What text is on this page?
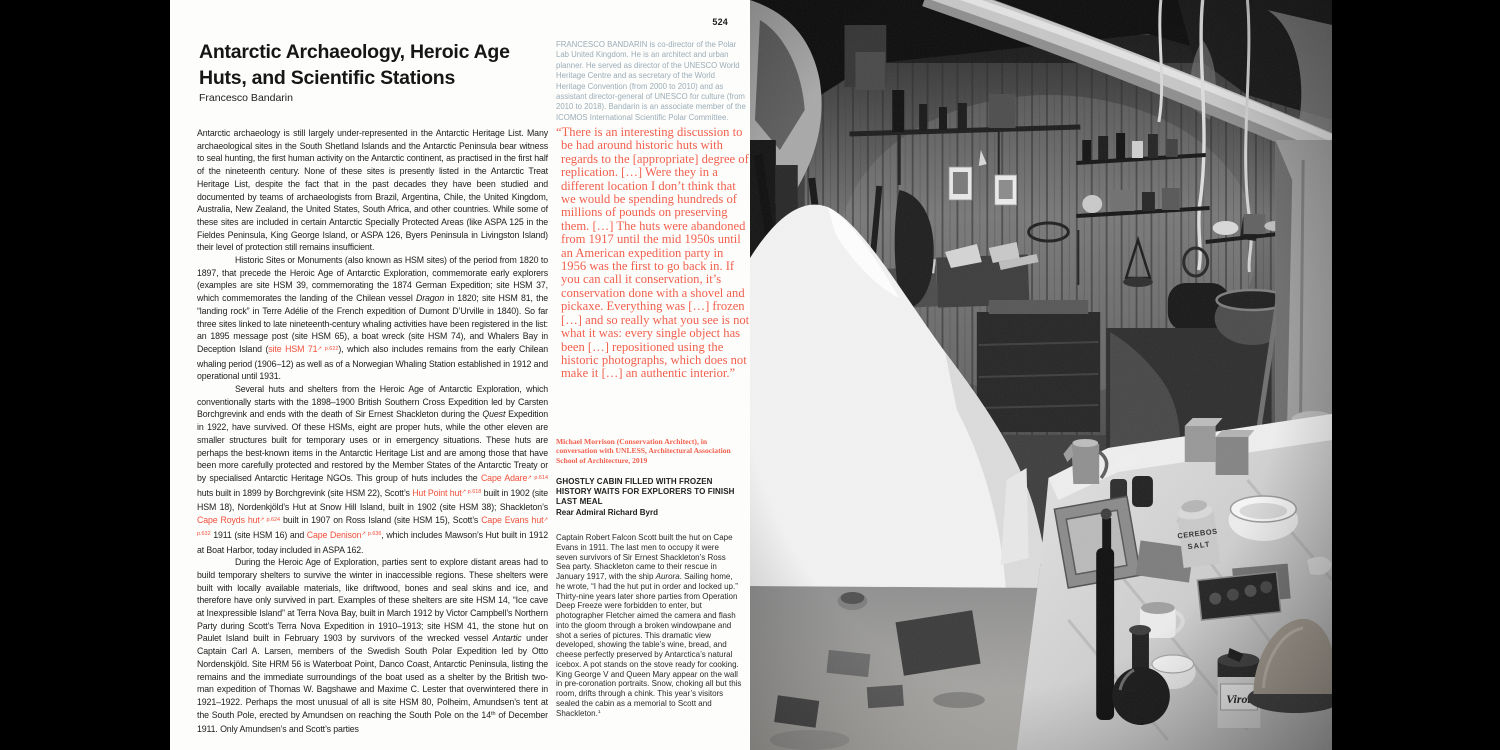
524
Antarctic Archaeology, Heroic Age
Huts, and Scientific Stations
Francesco Bandarin

Antarctic archaeology is still largely under-represented in the Antarctic Heritage List. Many archaeological sites in the South Shetland Islands and the Antarctic Peninsula bear witness to seal hunting, the first human activity on the Antarctic continent, as practised in the first half of the nineteenth century. None of these sites is presently listed in the Antarctic Treat Heritage List, despite the fact that in the past decades they have been studied and documented by teams of archaeologists from Brazil, Argentina, Chile, the United Kingdom, Australia, New Zealand, the United States, South Africa, and other countries. While some of these sites are included in certain Antarctic Specially Protected Areas (like ASPA 125 in the Fieldes Peninsula, King George Island, or ASPA 126, Byers Peninsula in Livingston Island) their level of protection still remains insufficient.

Historic Sites or Monuments (also known as HSM sites) of the period from 1820 to 1897, that precede the Heroic Age of Antarctic Exploration, commemorate early explorers (examples are site HSM 39, commemorating the 1874 German Expedition; site HSM 37, which commemorates the landing of the Chilean vessel Dragon in 1820; site HSM 81, the “landing rock” in Terre Adélie of the French expedition of Dumont D’Urville in 1840). So far three sites linked to late nineteenth-century whaling activities have been registered in the list: an 1895 message post (site HSM 65), a boat wreck (site HSM 74), and Whalers Bay in Deception Island (site HSM $71^{↗ p.622}$), which also includes remains from the early Chilean whaling period (1906–12) as well as of a Norwegian Whaling Station established in 1912 and operational until 1931.

Several huts and shelters from the Heroic Age of Antarctic Exploration, which conventionally starts with the 1898–1900 British Southern Cross Expedition led by Carsten Borchgrevink and ends with the death of Sir Ernest Shackleton during the Quest Expedition in 1922, have survived. Of these HSMs, eight are proper huts, while the other eleven are smaller structures built for temporary uses or in emergency situations. These huts are perhaps the best-known items in the Antarctic Heritage List and are among those that have been more carefully protected and restored by the Member States of the Antarctic Treaty or by specialised Antarctic Heritage NGOs. This group of huts includes the Cape Adare$^{↗ p.614}$ huts built in 1899 by Borchgrevink (site HSM 22), Scott’s Hut Point hut$^{↗ p.618}$ built in 1902 (site HSM 18), Nordenkjöld’s Hut at Snow Hill Island, built in 1902 (site HSM 38); Shackleton’s Cape Royds hut$^{↗ p.624}$ built in 1907 on Ross Island (site HSM 15), Scott’s Cape Evans hut$^{↗ p.632}$ 1911 (site HSM 16) and Cape Denison$^{↗ p.636}$, which includes Mawson’s Hut built in 1912 at Boat Harbor, today included in ASPA 162.

During the Heroic Age of Exploration, parties sent to explore distant areas had to build temporary shelters to survive the winter in inaccessible regions. These shelters were built with locally available materials, like driftwood, bones and seal skins and ice, and therefore have only survived in part. Examples of these shelters are site HSM 14, “Ice cave at Inexpressible Island” at Terra Nova Bay, built in March 1912 by Victor Campbell’s Northern Party during Scott’s Terra Nova Expedition in 1910–1913; site HSM 41, the stone hut on Paulet Island built in February 1903 by survivors of the wrecked vessel Antartic under Captain Carl A. Larsen, members of the Swedish South Polar Expedition led by Otto Nordenskjöld. Site HRM 56 is Waterboat Point, Danco Coast, Antarctic Peninsula, listing the remains and the immediate surroundings of the boat used as a shelter by the British two-man expedition of Thomas W. Bagshawe and Maxime C. Lester that overwintered there in 1921–1922. Perhaps the most unusual of all is site HSM 80, Polheim, Amundsen’s tent at the South Pole, erected by Amundsen on reaching the South Pole on the 14th of December 1911. Only Amundsen’s and Scott’s parties

FRANCESCO BANDARIN is co-director of the Polar Lab United Kingdom. He is an architect and urban planner. He served as director of the UNESCO World Heritage Centre and as secretary of the World Heritage Convention (from 2000 to 2010) and as assistant director-general of UNESCO for culture (from 2010 to 2018). Bandarin is an associate member of the ICOMOS International Scientific Polar Committee.
“There is an interesting discussion to be had around historic huts with regards to the [appropriate] degree of replication. […] Were they in a different location I don’t think that we would be spending hundreds of millions of pounds on preserving them. […] The huts were abandoned from 1917 until the mid 1950s until an American expedition party in 1956 was the first to go back in. If you can call it conservation, it’s conservation done with a shovel and pickaxe. Everything was […] frozen […] and so really what you see is not what it was: every single object has been […] repositioned using the historic photographs, which does not make it […] an authentic interior.”
Michael Morrison (Conservation Architect), in conversation with UNLESS, Architectural Association School of Architecture, 2019
GHOSTLY CABIN FILLED WITH FROZEN HISTORY WAITS FOR EXPLORERS TO FINISH LAST MEAL
Rear Admiral Richard Byrd
Captain Robert Falcon Scott built the hut on Cape Evans in 1911. The last men to occupy it were seven survivors of Sir Ernest Shackleton’s Ross Sea party. Shackleton came to their rescue in January 1917, with the ship Aurora. Sailing home, he wrote, “I had the hut put in order and locked up.” Thirty-nine years later shore parties from Operation Deep Freeze were forbidden to enter, but photographer Fletcher aimed the camera and flash into the gloom through a broken windowpane and shot a series of pictures. This dramatic view developed, showing the table’s wine, bread, and cheese perfectly preserved by Antarctica’s natural icebox. A pot stands on the stove ready for cooking. King George V and Queen Mary appear on the wall in pre-coronation portraits. Snow, choking all but this room, drifts through a chink. This year’s visitors sealed the cabin as a memorial to Scott and Shackleton.$^1$
